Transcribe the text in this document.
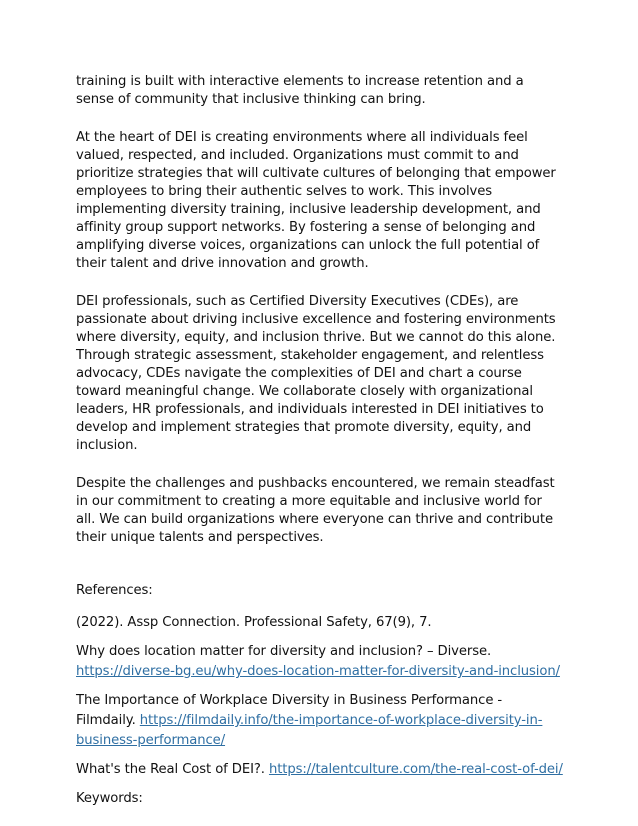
training is built with interactive elements to increase retention and a sense of community that inclusive thinking can bring.

At the heart of DEI is creating environments where all individuals feel valued, respected, and included. Organizations must commit to and prioritize strategies that will cultivate cultures of belonging that empower employees to bring their authentic selves to work. This involves implementing diversity training, inclusive leadership development, and affinity group support networks. By fostering a sense of belonging and amplifying diverse voices, organizations can unlock the full potential of their talent and drive innovation and growth.

DEI professionals, such as Certified Diversity Executives (CDEs), are passionate about driving inclusive excellence and fostering environments where diversity, equity, and inclusion thrive. But we cannot do this alone. Through strategic assessment, stakeholder engagement, and relentless advocacy, CDEs navigate the complexities of DEI and chart a course toward meaningful change. We collaborate closely with organizational leaders, HR professionals, and individuals interested in DEI initiatives to develop and implement strategies that promote diversity, equity, and inclusion.

Despite the challenges and pushbacks encountered, we remain steadfast in our commitment to creating a more equitable and inclusive world for all. We can build organizations where everyone can thrive and contribute their unique talents and perspectives.

References:

(2022). Assp Connection. Professional Safety, 67(9), 7.

Why does location matter for diversity and inclusion? – Diverse. https://diverse-bg.eu/why-does-location-matter-for-diversity-and-inclusion/

The Importance of Workplace Diversity in Business Performance - Filmdaily. https://filmdaily.info/the-importance-of-workplace-diversity-in-business-performance/

What's the Real Cost of DEI?. https://talentculture.com/the-real-cost-of-dei/

Keywords:
